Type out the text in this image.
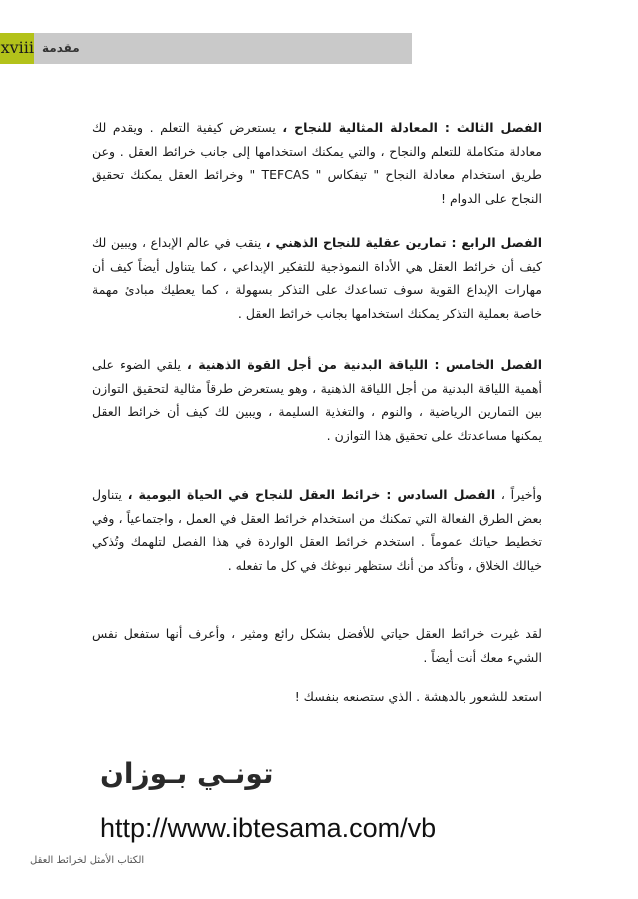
xviii مقدمة

الفصل الثالث : المعادلة المثالية للنجاح ، يستعرض كيفية التعلم . ويقدم لك معادلة متكاملة للتعلم والنجاح ، والتي يمكنك استخدامها إلى جانب خرائط العقل . وعن طريق استخدام معادلة النجاح " تيفكاس " TEFCAS " وخرائط العقل يمكنك تحقيق النجاح على الدوام !

الفصل الرابع : تمارين عقلية للنجاح الذهني ، ينقب في عالم الإبداع ، ويبين لك كيف أن خرائط العقل هي الأداة النموذجية للتفكير الإبداعي ، كما يتناول أيضاً كيف أن مهارات الإبداع القوية سوف تساعدك على التذكر بسهولة ، كما يعطيك مبادئ مهمة خاصة بعملية التذكر يمكنك استخدامها بجانب خرائط العقل .

الفصل الخامس : اللياقة البدنية من أجل القوة الذهنية ، يلقي الضوء على أهمية اللياقة البدنية من أجل اللياقة الذهنية ، وهو يستعرض طرقاً مثالية لتحقيق التوازن بين التمارين الرياضية ، والنوم ، والتغذية السليمة ، ويبين لك كيف أن خرائط العقل يمكنها مساعدتك على تحقيق هذا التوازن .

وأخيراً ، الفصل السادس : خرائط العقل للنجاح في الحياة اليومية ، يتناول بعض الطرق الفعالة التي تمكنك من استخدام خرائط العقل في العمل ، واجتماعياً ، وفي تخطيط حياتك عموماً . استخدم خرائط العقل الواردة في هذا الفصل لتلهمك وتُذكي خيالك الخلاق ، وتأكد من أنك ستظهر نبوغك في كل ما تفعله .

لقد غيرت خرائط العقل حياتي للأفضل بشكل رائع ومثير ، وأعرف أنها ستفعل نفس الشيء معك أنت أيضاً .

استعد للشعور بالدهشة . الذي ستصنعه بنفسك !

تونـي بـوزان
http://www.ibtesama.com/vb
الكتاب الأمثل لخرائط العقل
